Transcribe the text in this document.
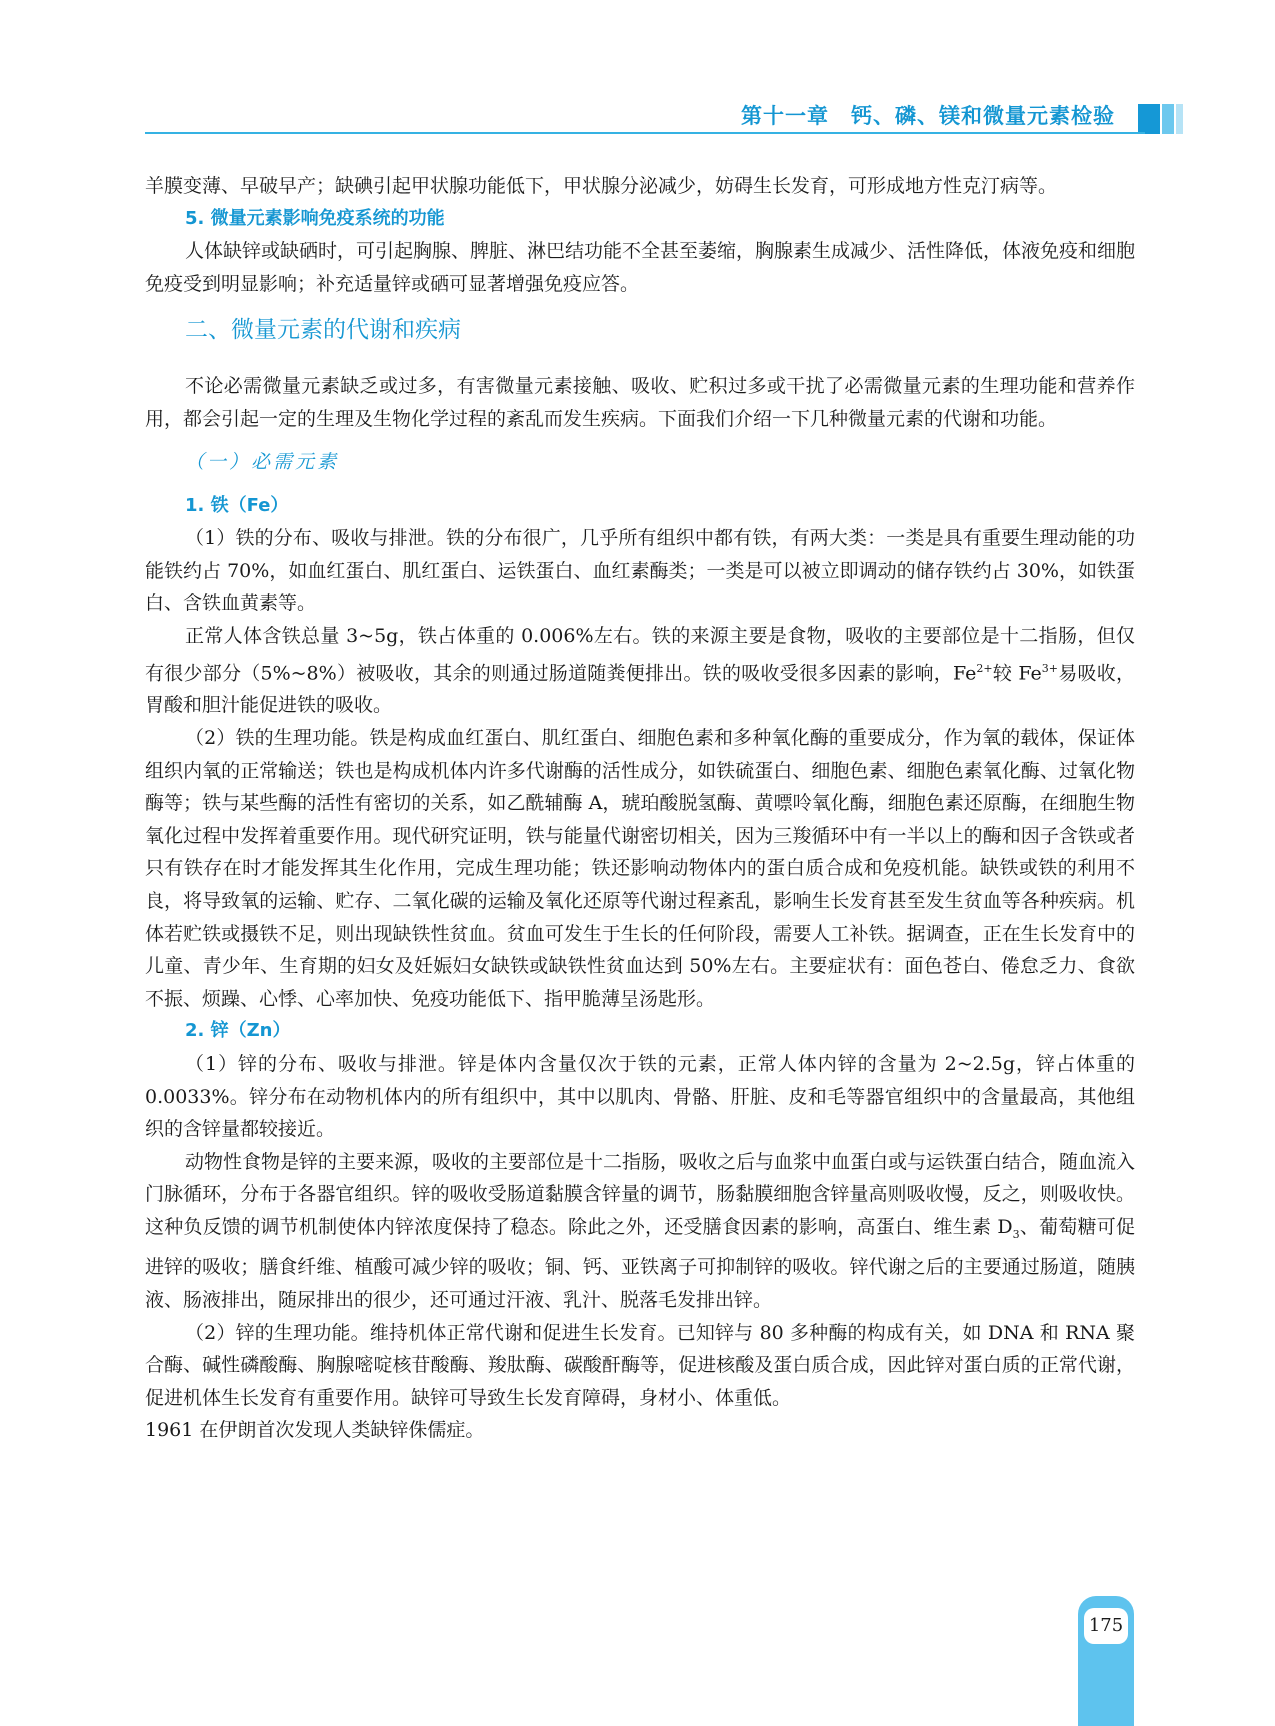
第十一章　钙、磷、镁和微量元素检验

羊膜变薄、早破早产；缺碘引起甲状腺功能低下，甲状腺分泌减少，妨碍生长发育，可形成地方性克汀病等。

5. 微量元素影响免疫系统的功能

人体缺锌或缺硒时，可引起胸腺、脾脏、淋巴结功能不全甚至萎缩，胸腺素生成减少、活性降低，体液免疫和细胞免疫受到明显影响；补充适量锌或硒可显著增强免疫应答。

二、微量元素的代谢和疾病

不论必需微量元素缺乏或过多，有害微量元素接触、吸收、贮积过多或干扰了必需微量元素的生理功能和营养作用，都会引起一定的生理及生物化学过程的紊乱而发生疾病。下面我们介绍一下几种微量元素的代谢和功能。

（一）必需元素

1. 铁（Fe）

（1）铁的分布、吸收与排泄。铁的分布很广，几乎所有组织中都有铁，有两大类：一类是具有重要生理动能的功能铁约占 70%，如血红蛋白、肌红蛋白、运铁蛋白、血红素酶类；一类是可以被立即调动的储存铁约占 30%，如铁蛋白、含铁血黄素等。

正常人体含铁总量 3~5g，铁占体重的 0.006%左右。铁的来源主要是食物，吸收的主要部位是十二指肠，但仅有很少部分（5%~8%）被吸收，其余的则通过肠道随粪便排出。铁的吸收受很多因素的影响，$Fe^{2+}$较 $Fe^{3+}$易吸收，胃酸和胆汁能促进铁的吸收。

（2）铁的生理功能。铁是构成血红蛋白、肌红蛋白、细胞色素和多种氧化酶的重要成分，作为氧的载体，保证体组织内氧的正常输送；铁也是构成机体内许多代谢酶的活性成分，如铁硫蛋白、细胞色素、细胞色素氧化酶、过氧化物酶等；铁与某些酶的活性有密切的关系，如乙酰辅酶 A，琥珀酸脱氢酶、黄嘌呤氧化酶，细胞色素还原酶，在细胞生物氧化过程中发挥着重要作用。现代研究证明，铁与能量代谢密切相关，因为三羧循环中有一半以上的酶和因子含铁或者只有铁存在时才能发挥其生化作用，完成生理功能；铁还影响动物体内的蛋白质合成和免疫机能。缺铁或铁的利用不良，将导致氧的运输、贮存、二氧化碳的运输及氧化还原等代谢过程紊乱，影响生长发育甚至发生贫血等各种疾病。机体若贮铁或摄铁不足，则出现缺铁性贫血。贫血可发生于生长的任何阶段，需要人工补铁。据调查，正在生长发育中的儿童、青少年、生育期的妇女及妊娠妇女缺铁或缺铁性贫血达到 50%左右。主要症状有：面色苍白、倦怠乏力、食欲不振、烦躁、心悸、心率加快、免疫功能低下、指甲脆薄呈汤匙形。

2. 锌（Zn）

（1）锌的分布、吸收与排泄。锌是体内含量仅次于铁的元素，正常人体内锌的含量为 2~2.5g，锌占体重的 0.0033%。锌分布在动物机体内的所有组织中，其中以肌肉、骨骼、肝脏、皮和毛等器官组织中的含量最高，其他组织的含锌量都较接近。

动物性食物是锌的主要来源，吸收的主要部位是十二指肠，吸收之后与血浆中血蛋白或与运铁蛋白结合，随血流入门脉循环，分布于各器官组织。锌的吸收受肠道黏膜含锌量的调节，肠黏膜细胞含锌量高则吸收慢，反之，则吸收快。这种负反馈的调节机制使体内锌浓度保持了稳态。除此之外，还受膳食因素的影响，高蛋白、维生素 $D_3$、葡萄糖可促进锌的吸收；膳食纤维、植酸可减少锌的吸收；铜、钙、亚铁离子可抑制锌的吸收。锌代谢之后的主要通过肠道，随胰液、肠液排出，随尿排出的很少，还可通过汗液、乳汁、脱落毛发排出锌。

（2）锌的生理功能。维持机体正常代谢和促进生长发育。已知锌与 80 多种酶的构成有关，如 DNA 和 RNA 聚合酶、碱性磷酸酶、胸腺嘧啶核苷酸酶、羧肽酶、碳酸酐酶等，促进核酸及蛋白质合成，因此锌对蛋白质的正常代谢，促进机体生长发育有重要作用。缺锌可导致生长发育障碍，身材小、体重低。

1961 在伊朗首次发现人类缺锌侏儒症。

175
